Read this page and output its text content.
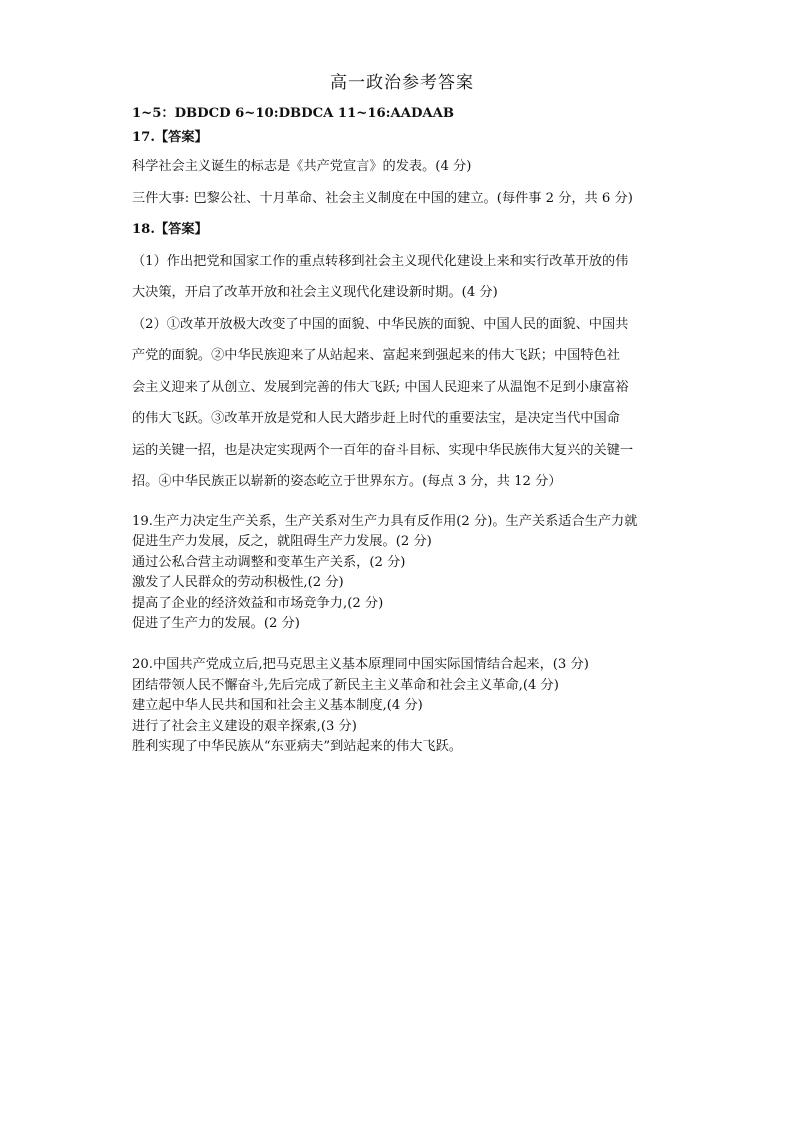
高一政治参考答案
1~5：DBDCD 6~10:DBDCA 11~16:AADAAB
17.【答案】
科学社会主义诞生的标志是《共产党宣言》的发表。(4 分)
三件大事: 巴黎公社、十月革命、社会主义制度在中国的建立。(每件事 2 分，共 6 分)
18.【答案】
（1）作出把党和国家工作的重点转移到社会主义现代化建设上来和实行改革开放的伟
大决策，开启了改革开放和社会主义现代化建设新时期。(4 分)
（2）①改革开放极大改变了中国的面貌、中华民族的面貌、中国人民的面貌、中国共
产党的面貌。②中华民族迎来了从站起来、富起来到强起来的伟大飞跃；中国特色社
会主义迎来了从创立、发展到完善的伟大飞跃; 中国人民迎来了从温饱不足到小康富裕
的伟大飞跃。③改革开放是党和人民大踏步赶上时代的重要法宝，是决定当代中国命
运的关键一招，也是决定实现两个一百年的奋斗目标、实现中华民族伟大复兴的关键一
招。④中华民族正以崭新的姿态屹立于世界东方。(每点 3 分，共 12 分）
19.生产力决定生产关系，生产关系对生产力具有反作用(2 分)。生产关系适合生产力就
促进生产力发展，反之，就阻碍生产力发展。(2 分)
通过公私合营主动调整和变革生产关系，(2 分)
激发了人民群众的劳动积极性,(2 分)
提高了企业的经济效益和市场竞争力,(2 分)
促进了生产力的发展。(2 分)
20.中国共产党成立后,把马克思主义基本原理同中国实际国情结合起来，(3 分)
团结带领人民不懈奋斗,先后完成了新民主主义革命和社会主义革命,(4 分)
建立起中华人民共和国和社会主义基本制度,(4 分)
进行了社会主义建设的艰辛探索,(3 分)
胜利实现了中华民族从“东亚病夫”到站起来的伟大飞跃。
